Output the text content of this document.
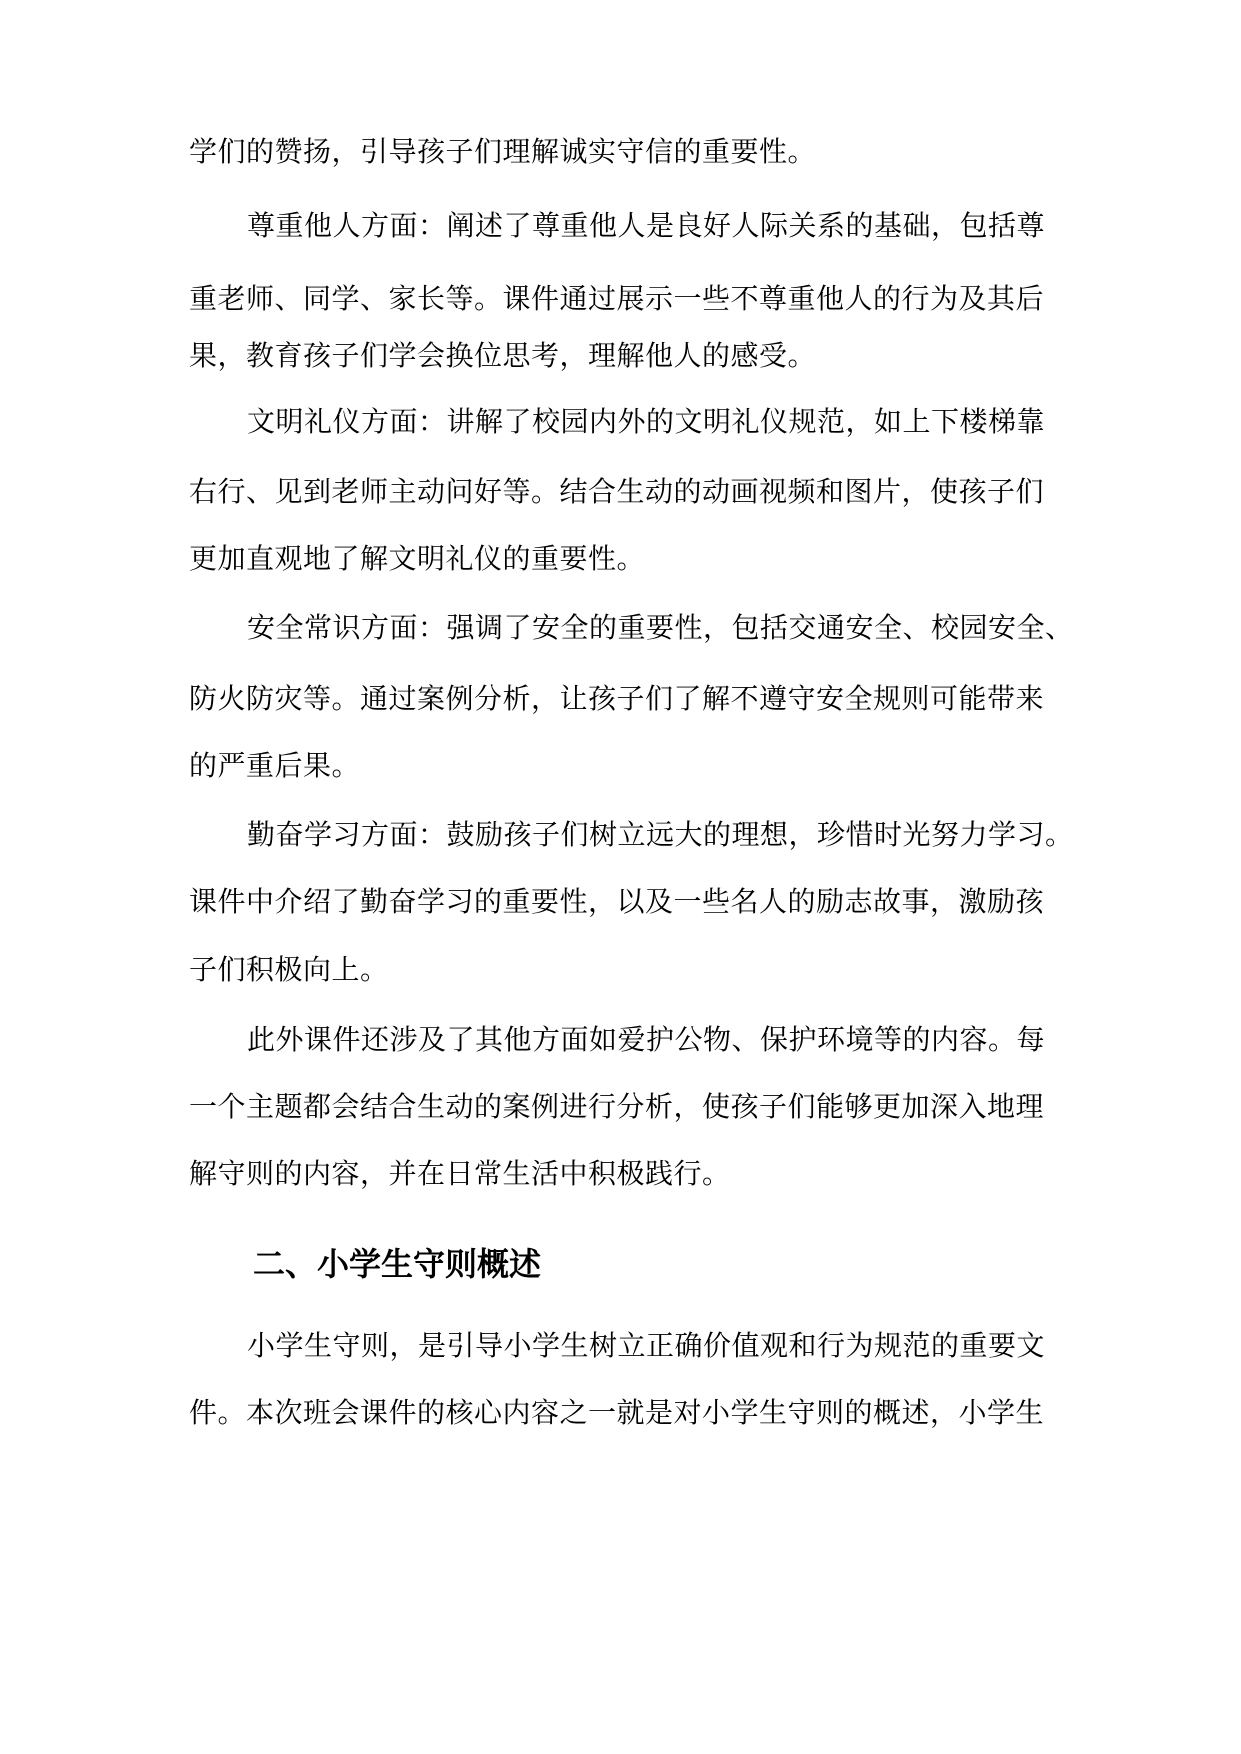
学们的赞扬，引导孩子们理解诚实守信的重要性。
尊重他人方面：阐述了尊重他人是良好人际关系的基础，包括尊
重老师、同学、家长等。课件通过展示一些不尊重他人的行为及其后
果，教育孩子们学会换位思考，理解他人的感受。
文明礼仪方面：讲解了校园内外的文明礼仪规范，如上下楼梯靠
右行、见到老师主动问好等。结合生动的动画视频和图片，使孩子们
更加直观地了解文明礼仪的重要性。
安全常识方面：强调了安全的重要性，包括交通安全、校园安全、
防火防灾等。通过案例分析，让孩子们了解不遵守安全规则可能带来
的严重后果。
勤奋学习方面：鼓励孩子们树立远大的理想，珍惜时光努力学习。
课件中介绍了勤奋学习的重要性，以及一些名人的励志故事，激励孩
子们积极向上。
此外课件还涉及了其他方面如爱护公物、保护环境等的内容。每
一个主题都会结合生动的案例进行分析，使孩子们能够更加深入地理
解守则的内容，并在日常生活中积极践行。
二、小学生守则概述
小学生守则，是引导小学生树立正确价值观和行为规范的重要文
件。本次班会课件的核心内容之一就是对小学生守则的概述，小学生
